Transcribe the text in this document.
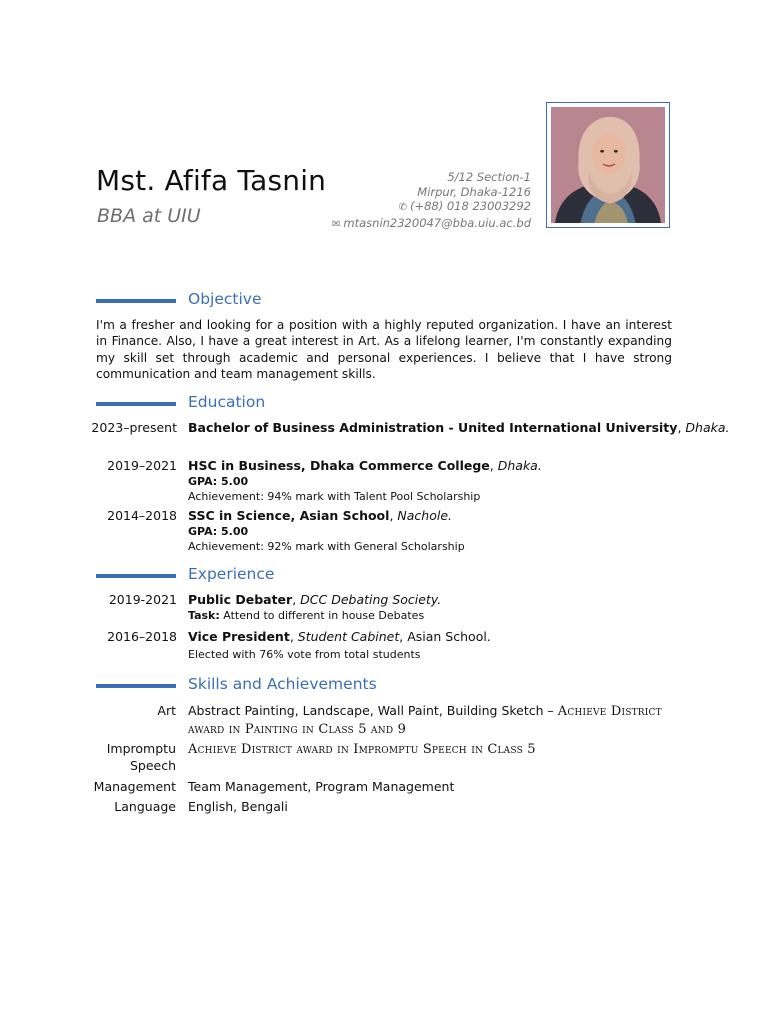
Mst. Afifa Tasnin
BBA at UIU
5/12 Section-1
Mirpur, Dhaka-1216
✆ (+88) 018 23003292
✉ mtasnin2320047@bba.uiu.ac.bd
Objective
I'm a fresher and looking for a position with a highly reputed organization. I have an interest in Finance. Also, I have a great interest in Art. As a lifelong learner, I'm constantly expanding my skill set through academic and personal experiences. I believe that I have strong communication and team management skills.
Education
2023–present Bachelor of Business Administration - United International University, Dhaka.
2019–2021 HSC in Business, Dhaka Commerce College, Dhaka.
GPA: 5.00
Achievement: 94% mark with Talent Pool Scholarship
2014–2018 SSC in Science, Asian School, Nachole.
GPA: 5.00
Achievement: 92% mark with General Scholarship
Experience
2019-2021 Public Debater, DCC Debating Society.
Task: Attend to different in house Debates
2016–2018 Vice President, Student Cabinet, Asian School.
Elected with 76% vote from total students
Skills and Achievements
Art Abstract Painting, Landscape, Wall Paint, Building Sketch – Achieve District award in Painting in Class 5 and 9
Impromptu Speech
Achieve District award in Impromptu Speech in Class 5
Management Team Management, Program Management
Language English, Bengali
